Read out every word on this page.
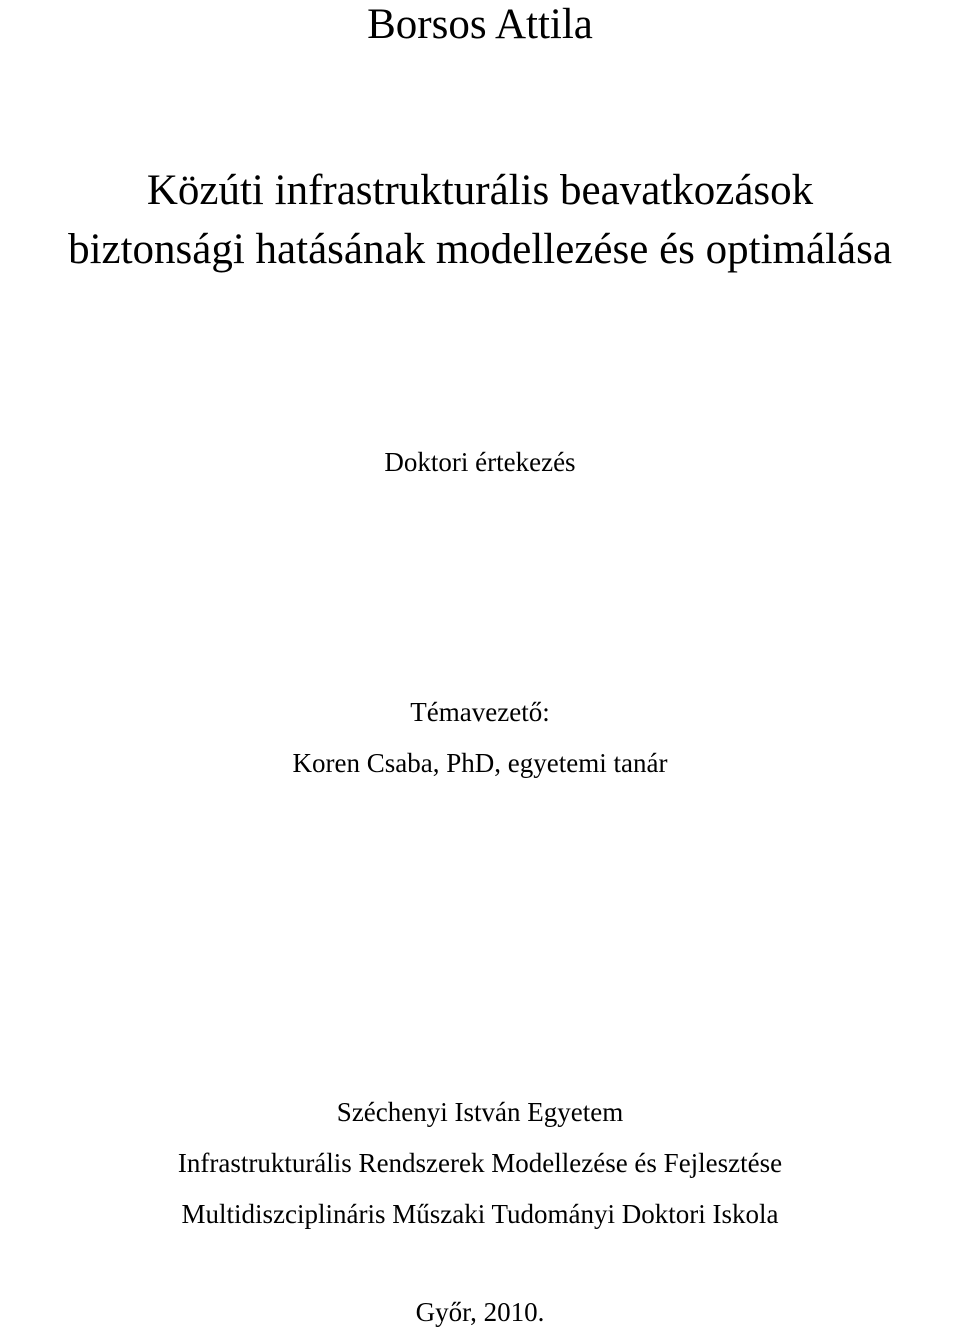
Borsos Attila
Közúti infrastrukturális beavatkozások
biztonsági hatásának modellezése és optimálása
Doktori értekezés
Témavezető:
Koren Csaba, PhD, egyetemi tanár
Széchenyi István Egyetem
Infrastrukturális Rendszerek Modellezése és Fejlesztése
Multidiszciplináris Műszaki Tudományi Doktori Iskola
Győr, 2010.
